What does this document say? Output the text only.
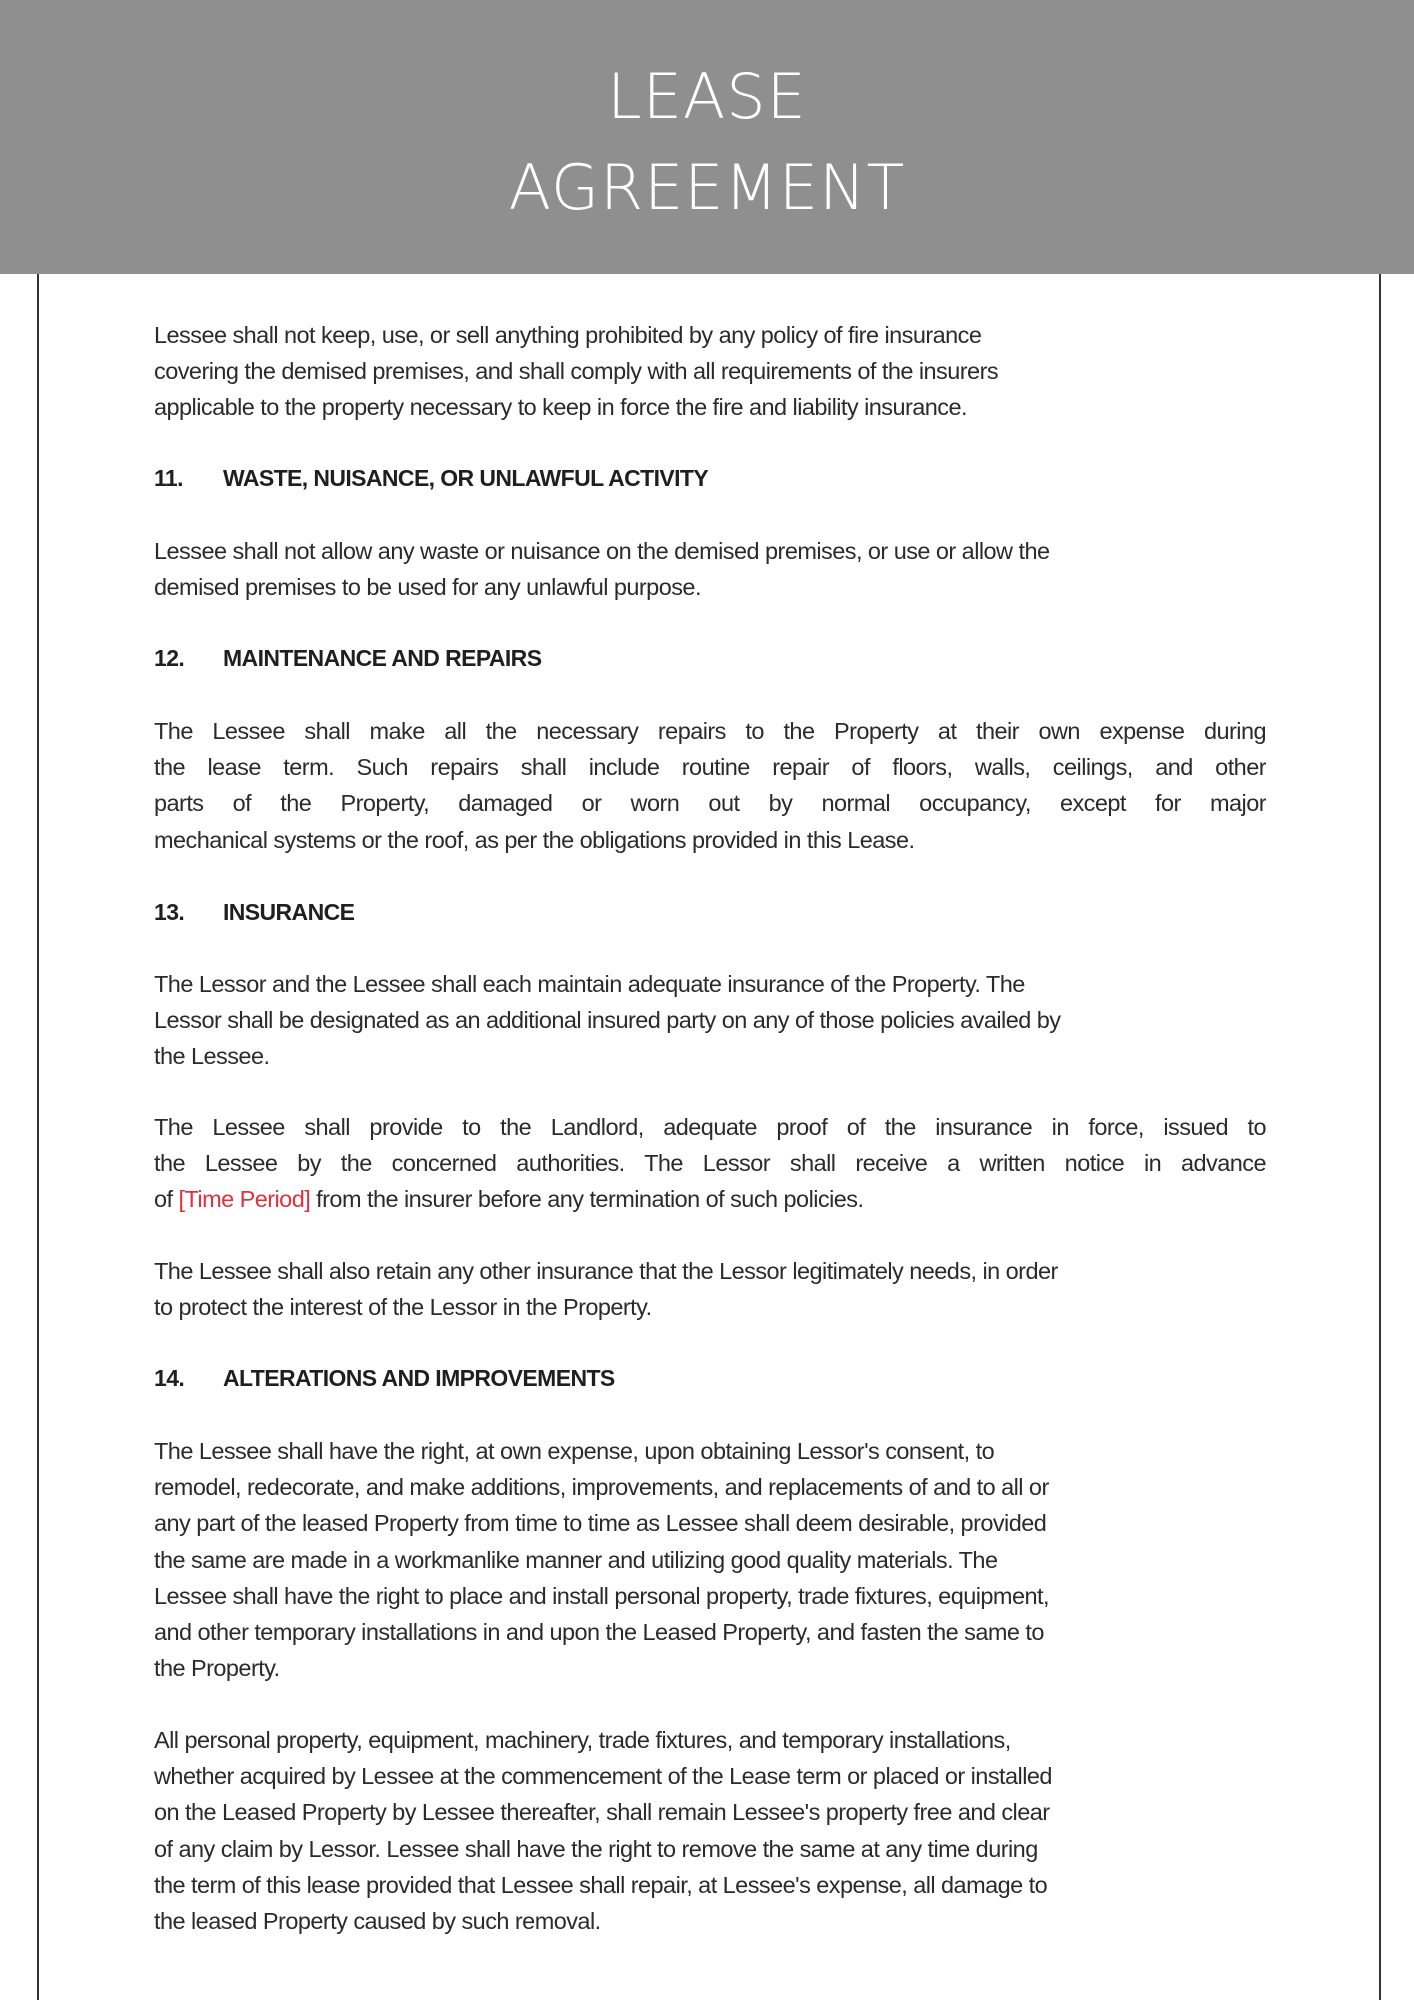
LEASE
AGREEMENT
Lessee shall not keep, use, or sell anything prohibited by any policy of fire insurance
covering the demised premises, and shall comply with all requirements of the insurers
applicable to the property necessary to keep in force the fire and liability insurance.
11. WASTE, NUISANCE, OR UNLAWFUL ACTIVITY
Lessee shall not allow any waste or nuisance on the demised premises, or use or allow the
demised premises to be used for any unlawful purpose.
12. MAINTENANCE AND REPAIRS
The Lessee shall make all the necessary repairs to the Property at their own expense during
the lease term. Such repairs shall include routine repair of floors, walls, ceilings, and other
parts of the Property, damaged or worn out by normal occupancy, except for major
mechanical systems or the roof, as per the obligations provided in this Lease.
13. INSURANCE
The Lessor and the Lessee shall each maintain adequate insurance of the Property. The
Lessor shall be designated as an additional insured party on any of those policies availed by
the Lessee.
The Lessee shall provide to the Landlord, adequate proof of the insurance in force, issued to
the Lessee by the concerned authorities. The Lessor shall receive a written notice in advance
of [Time Period] from the insurer before any termination of such policies.
The Lessee shall also retain any other insurance that the Lessor legitimately needs, in order
to protect the interest of the Lessor in the Property.
14. ALTERATIONS AND IMPROVEMENTS
The Lessee shall have the right, at own expense, upon obtaining Lessor's consent, to
remodel, redecorate, and make additions, improvements, and replacements of and to all or
any part of the leased Property from time to time as Lessee shall deem desirable, provided
the same are made in a workmanlike manner and utilizing good quality materials. The
Lessee shall have the right to place and install personal property, trade fixtures, equipment,
and other temporary installations in and upon the Leased Property, and fasten the same to
the Property.
All personal property, equipment, machinery, trade fixtures, and temporary installations,
whether acquired by Lessee at the commencement of the Lease term or placed or installed
on the Leased Property by Lessee thereafter, shall remain Lessee's property free and clear
of any claim by Lessor. Lessee shall have the right to remove the same at any time during
the term of this lease provided that Lessee shall repair, at Lessee's expense, all damage to
the leased Property caused by such removal.
